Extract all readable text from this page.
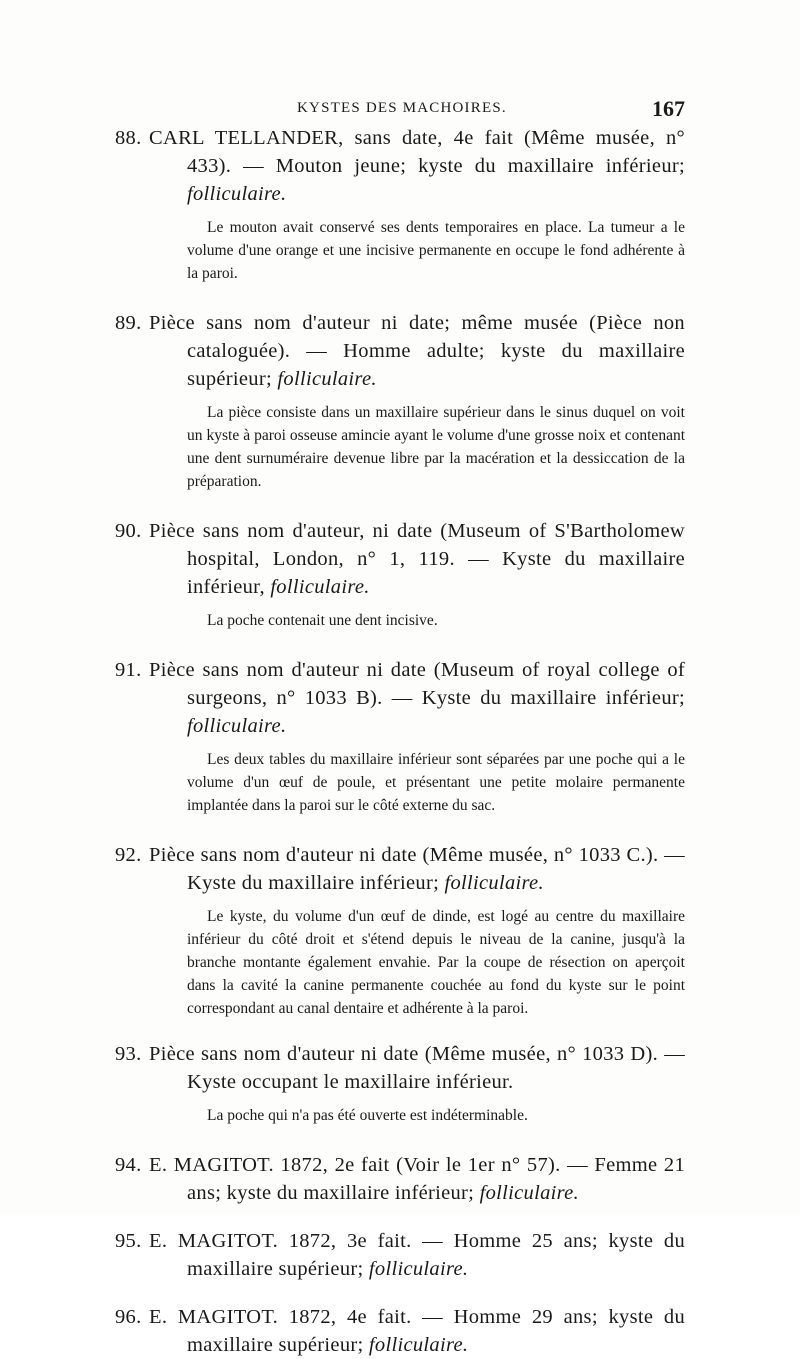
KYSTES DES MACHOIRES.	167
88. CARL TELLANDER, sans date, 4e fait (Même musée, n° 433). — Mouton jeune; kyste du maxillaire inférieur; folliculaire.

Le mouton avait conservé ses dents temporaires en place. La tumeur a le volume d'une orange et une incisive permanente en occupe le fond adhérente à la paroi.

89. Pièce sans nom d'auteur ni date; même musée (Pièce non cataloguée). — Homme adulte; kyste du maxillaire supérieur; folliculaire.

La pièce consiste dans un maxillaire supérieur dans le sinus duquel on voit un kyste à paroi osseuse amincie ayant le volume d'une grosse noix et contenant une dent surnuméraire devenue libre par la macération et la dessiccation de la préparation.

90. Pièce sans nom d'auteur, ni date (Museum of S'Bartholomew hospital, London, n° 1, 119. — Kyste du maxillaire inférieur, folliculaire.

La poche contenait une dent incisive.

91. Pièce sans nom d'auteur ni date (Museum of royal college of surgeons, n° 1033 B). — Kyste du maxillaire inférieur; folliculaire.

Les deux tables du maxillaire inférieur sont séparées par une poche qui a le volume d'un œuf de poule, et présentant une petite molaire permanente implantée dans la paroi sur le côté externe du sac.

92. Pièce sans nom d'auteur ni date (Même musée, n° 1033 C.). — Kyste du maxillaire inférieur; folliculaire.

Le kyste, du volume d'un œuf de dinde, est logé au centre du maxillaire inférieur du côté droit et s'étend depuis le niveau de la canine, jusqu'à la branche montante également envahie. Par la coupe de résection on aperçoit dans la cavité la canine permanente couchée au fond du kyste sur le point correspondant au canal dentaire et adhérente à la paroi.

93. Pièce sans nom d'auteur ni date (Même musée, n° 1033 D). — Kyste occupant le maxillaire inférieur.

La poche qui n'a pas été ouverte est indéterminable.

94. E. MAGITOT. 1872, 2e fait (Voir le 1er n° 57). — Femme 21 ans; kyste du maxillaire inférieur; folliculaire.
95. E. MAGITOT. 1872, 3e fait. — Homme 25 ans; kyste du maxillaire supérieur; folliculaire.
96. E. MAGITOT. 1872, 4e fait. — Homme 29 ans; kyste du maxillaire supérieur; folliculaire.
